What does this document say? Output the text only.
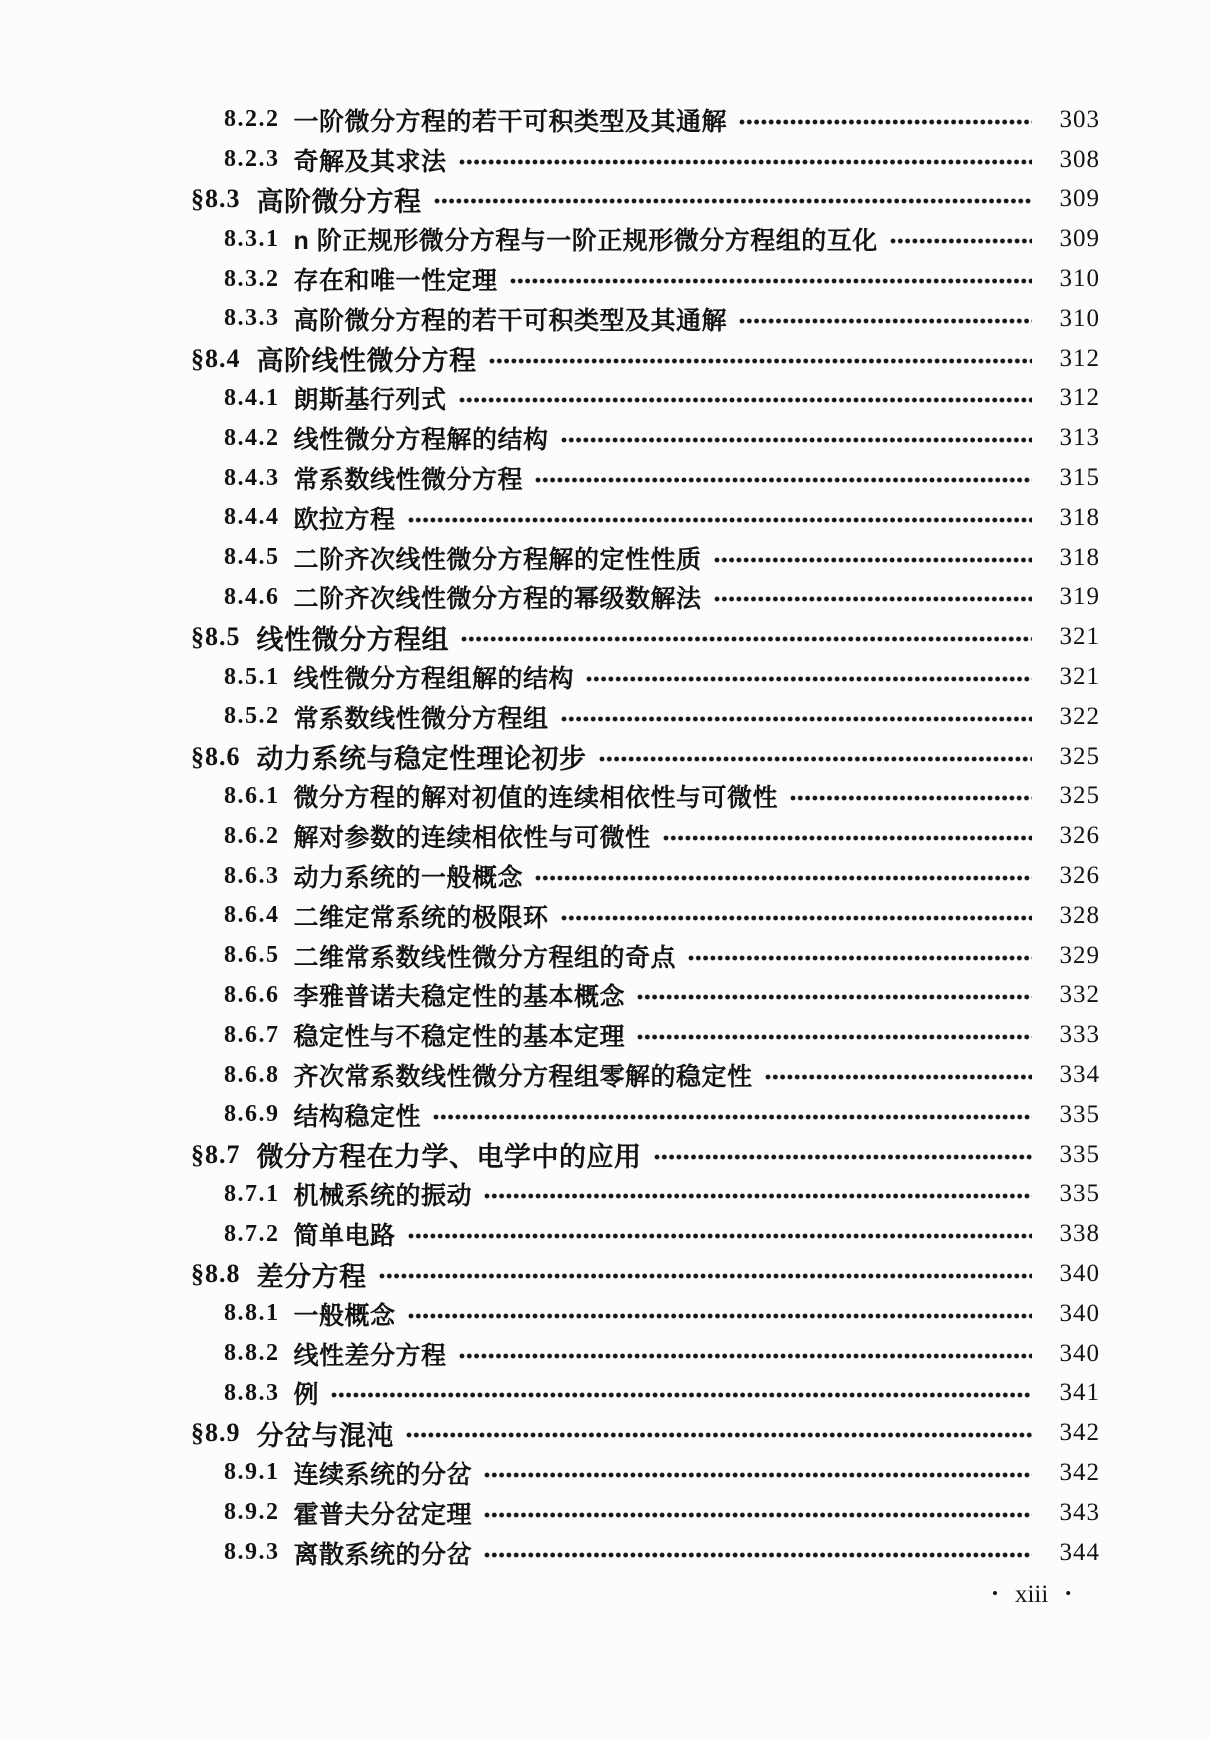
8.2.2 一阶微分方程的若干可积类型及其通解	303
8.2.3 奇解及其求法	308
§8.3 高阶微分方程	309
8.3.1 n 阶正规形微分方程与一阶正规形微分方程组的互化	309
8.3.2 存在和唯一性定理	310
8.3.3 高阶微分方程的若干可积类型及其通解	310
§8.4 高阶线性微分方程	312
8.4.1 朗斯基行列式	312
8.4.2 线性微分方程解的结构	313
8.4.3 常系数线性微分方程	315
8.4.4 欧拉方程	318
8.4.5 二阶齐次线性微分方程解的定性性质	318
8.4.6 二阶齐次线性微分方程的幂级数解法	319
§8.5 线性微分方程组	321
8.5.1 线性微分方程组解的结构	321
8.5.2 常系数线性微分方程组	322
§8.6 动力系统与稳定性理论初步	325
8.6.1 微分方程的解对初值的连续相依性与可微性	325
8.6.2 解对参数的连续相依性与可微性	326
8.6.3 动力系统的一般概念	326
8.6.4 二维定常系统的极限环	328
8.6.5 二维常系数线性微分方程组的奇点	329
8.6.6 李雅普诺夫稳定性的基本概念	332
8.6.7 稳定性与不稳定性的基本定理	333
8.6.8 齐次常系数线性微分方程组零解的稳定性	334
8.6.9 结构稳定性	335
§8.7 微分方程在力学、电学中的应用	335
8.7.1 机械系统的振动	335
8.7.2 简单电路	338
§8.8 差分方程	340
8.8.1 一般概念	340
8.8.2 线性差分方程	340
8.8.3 例	341
§8.9 分岔与混沌	342
8.9.1 连续系统的分岔	342
8.9.2 霍普夫分岔定理	343
8.9.3 离散系统的分岔	344
• xiii •
